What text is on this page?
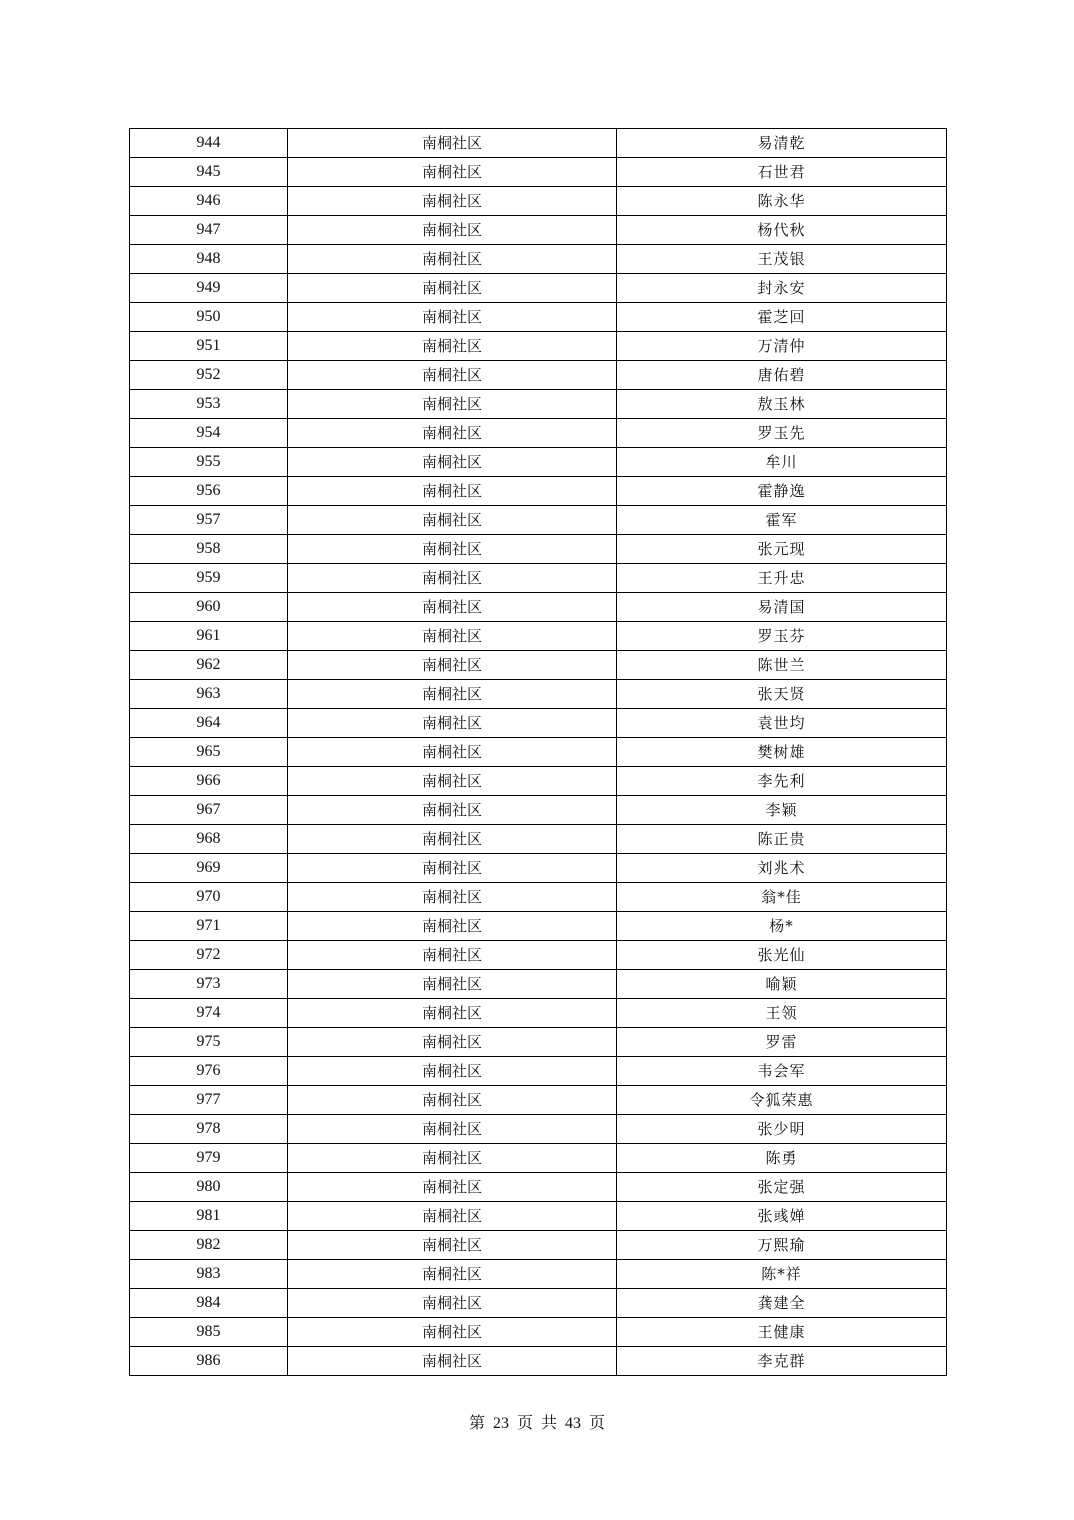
944	南桐社区	易清乾
945	南桐社区	石世君
946	南桐社区	陈永华
947	南桐社区	杨代秋
948	南桐社区	王茂银
949	南桐社区	封永安
950	南桐社区	霍芝回
951	南桐社区	万清仲
952	南桐社区	唐佑碧
953	南桐社区	敖玉林
954	南桐社区	罗玉先
955	南桐社区	牟川
956	南桐社区	霍静逸
957	南桐社区	霍军
958	南桐社区	张元现
959	南桐社区	王升忠
960	南桐社区	易清国
961	南桐社区	罗玉芬
962	南桐社区	陈世兰
963	南桐社区	张天贤
964	南桐社区	袁世均
965	南桐社区	樊树雄
966	南桐社区	李先利
967	南桐社区	李颖
968	南桐社区	陈正贵
969	南桐社区	刘兆术
970	南桐社区	翁*佳
971	南桐社区	杨*
972	南桐社区	张光仙
973	南桐社区	喻颖
974	南桐社区	王领
975	南桐社区	罗雷
976	南桐社区	韦会军
977	南桐社区	令狐荣惠
978	南桐社区	张少明
979	南桐社区	陈勇
980	南桐社区	张定强
981	南桐社区	张彧婵
982	南桐社区	万熙瑜
983	南桐社区	陈*祥
984	南桐社区	龚建全
985	南桐社区	王健康
986	南桐社区	李克群
第 23 页 共 43 页
